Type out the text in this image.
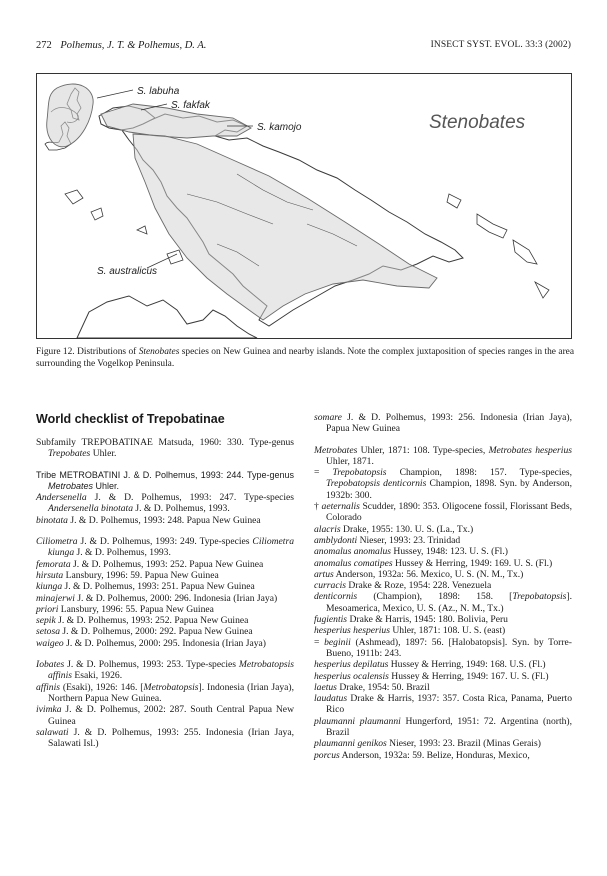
272 Polhemus, J. T. & Polhemus, D. A.	INSECT SYST. EVOL. 33:3 (2002)
S. labuha
S. fakfak
S. kamojo
S. australicus
Stenobates

Figure 12. Distributions of Stenobates species on New Guinea and nearby islands. Note the complex juxtaposition of species ranges in the area surrounding the Vogelkop Peninsula.

World checklist of Trepobatinae

Subfamily TREPOBATINAE Matsuda, 1960: 330. Type-genus Trepobates Uhler.

Tribe METROBATINI J. & D. Polhemus, 1993: 244. Type-genus Metrobates Uhler.

Andersenella J. & D. Polhemus, 1993: 247. Type-species Andersenella binotata J. & D. Polhemus, 1993.

binotata J. & D. Polhemus, 1993: 248. Papua New Guinea

Ciliometra J. & D. Polhemus, 1993: 249. Type-species Ciliometra kiunga J. & D. Polhemus, 1993.

femorata J. & D. Polhemus, 1993: 252. Papua New Guinea

hirsuta Lansbury, 1996: 59. Papua New Guinea

kiunga J. & D. Polhemus, 1993: 251. Papua New Guinea

minajerwi J. & D. Polhemus, 2000: 296. Indonesia (Irian Jaya)

priori Lansbury, 1996: 55. Papua New Guinea

sepik J. & D. Polhemus, 1993: 252. Papua New Guinea

setosa J. & D. Polhemus, 2000: 292. Papua New Guinea

waigeo J. & D. Polhemus, 2000: 295. Indonesia (Irian Jaya)

Iobates J. & D. Polhemus, 1993: 253. Type-species Metrobatopsis affinis Esaki, 1926.

affinis (Esaki), 1926: 146. [Metrobatopsis]. Indonesia (Irian Jaya), Northern Papua New Guinea.

ivimka J. & D. Polhemus, 2002: 287. South Central Papua New Guinea

salawati J. & D. Polhemus, 1993: 255. Indonesia (Irian Jaya, Salawati Isl.)

somare J. & D. Polhemus, 1993: 256. Indonesia (Irian Jaya), Papua New Guinea

Metrobates Uhler, 1871: 108. Type-species, Metrobates hesperius Uhler, 1871.

= Trepobatopsis Champion, 1898: 157. Type-species, Trepobatopsis denticornis Champion, 1898. Syn. by Anderson, 1932b: 300.

† aeternalis Scudder, 1890: 353. Oligocene fossil, Florissant Beds, Colorado

alacris Drake, 1955: 130. U. S. (La., Tx.)

amblydonti Nieser, 1993: 23. Trinidad

anomalus anomalus Hussey, 1948: 123. U. S. (Fl.)

anomalus comatipes Hussey & Herring, 1949: 169. U. S. (Fl.)

artus Anderson, 1932a: 56. Mexico, U. S. (N. M., Tx.)

curracis Drake & Roze, 1954: 228. Venezuela

denticornis (Champion), 1898: 158. [Trepobatopsis]. Mesoamerica, Mexico, U. S. (Az., N. M., Tx.)

fugientis Drake & Harris, 1945: 180. Bolivia, Peru

hesperius hesperius Uhler, 1871: 108. U. S. (east)

= beginii (Ashmead), 1897: 56. [Halobatopsis]. Syn. by Torre-Bueno, 1911b: 243.

hesperius depilatus Hussey & Herring, 1949: 168. U.S. (Fl.)

hesperius ocalensis Hussey & Herring, 1949: 167. U. S. (Fl.)

laetus Drake, 1954: 50. Brazil

laudatus Drake & Harris, 1937: 357. Costa Rica, Panama, Puerto Rico

plaumanni plaumanni Hungerford, 1951: 72. Argentina (north), Brazil

plaumanni genikos Nieser, 1993: 23. Brazil (Minas Gerais)

porcus Anderson, 1932a: 59. Belize, Honduras, Mexico,
